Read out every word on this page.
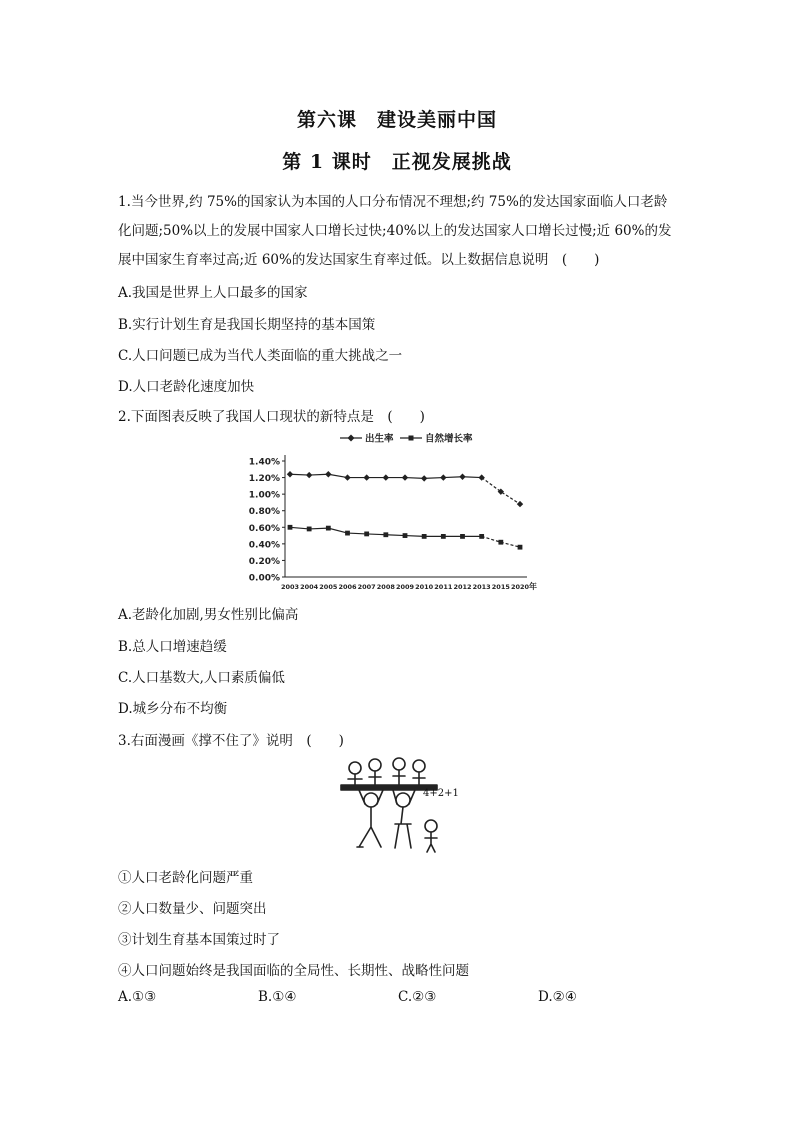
第六课　建设美丽中国
第 1 课时　正视发展挑战
1.当今世界,约 75%的国家认为本国的人口分布情况不理想;约 75%的发达国家面临人口老龄
化问题;50%以上的发展中国家人口增长过快;40%以上的发达国家人口增长过慢;近 60%的发
展中国家生育率过高;近 60%的发达国家生育率过低。以上数据信息说明　(　　)
A.我国是世界上人口最多的国家
B.实行计划生育是我国长期坚持的基本国策
C.人口问题已成为当代人类面临的重大挑战之一
D.人口老龄化速度加快
2.下面图表反映了我国人口现状的新特点是　(　　)
0.00%
0.20%
0.40%
0.60%
0.80%
1.00%
1.20%
1.40%
2003 2004 2005 2006 2007 2008 2009 2010 2011 2012 2013 2015 2020 年
出生率	自然增长率
A.老龄化加剧,男女性别比偏高
B.总人口增速趋缓
C.人口基数大,人口素质偏低
D.城乡分布不均衡
3.右面漫画《撑不住了》说明　(　　)
4+2+1
①人口老龄化问题严重
②人口数量少、问题突出
③计划生育基本国策过时了
④人口问题始终是我国面临的全局性、长期性、战略性问题
A.①③	B.①④	C.②③	D.②④
